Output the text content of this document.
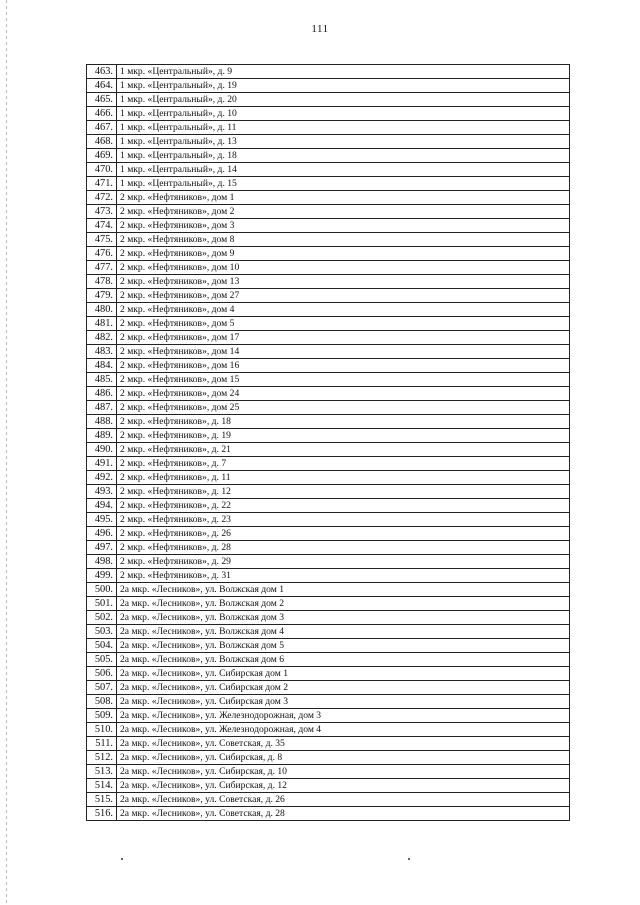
111
463.	1 мкр. «Центральный», д. 9
464.	1 мкр. «Центральный», д. 19
465.	1 мкр. «Центральный», д. 20
466.	1 мкр. «Центральный», д. 10
467.	1 мкр. «Центральный», д. 11
468.	1 мкр. «Центральный», д. 13
469.	1 мкр. «Центральный», д. 18
470.	1 мкр. «Центральный», д. 14
471.	1 мкр. «Центральный», д. 15
472.	2 мкр. «Нефтяников», дом 1
473.	2 мкр. «Нефтяников», дом 2
474.	2 мкр. «Нефтяников», дом 3
475.	2 мкр. «Нефтяников», дом 8
476.	2 мкр. «Нефтяников», дом 9
477.	2 мкр. «Нефтяников», дом 10
478.	2 мкр. «Нефтяников», дом 13
479.	2 мкр. «Нефтяников», дом 27
480.	2 мкр. «Нефтяников», дом 4
481.	2 мкр. «Нефтяников», дом 5
482.	2 мкр. «Нефтяников», дом 17
483.	2 мкр. «Нефтяников», дом 14
484.	2 мкр. «Нефтяников», дом 16
485.	2 мкр. «Нефтяников», дом 15
486.	2 мкр. «Нефтяников», дом 24
487.	2 мкр. «Нефтяников», дом 25
488.	2 мкр. «Нефтяников», д. 18
489.	2 мкр. «Нефтяников», д. 19
490.	2 мкр. «Нефтяников», д. 21
491.	2 мкр. «Нефтяников», д. 7
492.	2 мкр. «Нефтяников», д. 11
493.	2 мкр. «Нефтяников», д. 12
494.	2 мкр. «Нефтяников», д. 22
495.	2 мкр. «Нефтяников», д. 23
496.	2 мкр. «Нефтяников», д. 26
497.	2 мкр. «Нефтяников», д. 28
498.	2 мкр. «Нефтяников», д. 29
499.	2 мкр. «Нефтяников», д. 31
500.	2а мкр. «Лесников», ул. Волжская дом 1
501.	2а мкр. «Лесников», ул. Волжская дом 2
502.	2а мкр. «Лесников», ул. Волжская дом 3
503.	2а мкр. «Лесников», ул. Волжская дом 4
504.	2а мкр. «Лесников», ул. Волжская дом 5
505.	2а мкр. «Лесников», ул. Волжская дом 6
506.	2а мкр. «Лесников», ул. Сибирская дом 1
507.	2а мкр. «Лесников», ул. Сибирская дом 2
508.	2а мкр. «Лесников», ул. Сибирская дом 3
509.	2а мкр. «Лесников», ул. Железнодорожная, дом 3
510.	2а мкр. «Лесников», ул. Железнодорожная, дом 4
511.	2а мкр. «Лесников», ул. Советская, д. 35
512.	2а мкр. «Лесников», ул. Сибирская, д. 8
513.	2а мкр. «Лесников», ул. Сибирская, д. 10
514.	2а мкр. «Лесников», ул. Сибирская, д. 12
515.	2а мкр. «Лесников», ул. Советская, д. 26
516.	2а мкр. «Лесников», ул. Советская, д. 28
